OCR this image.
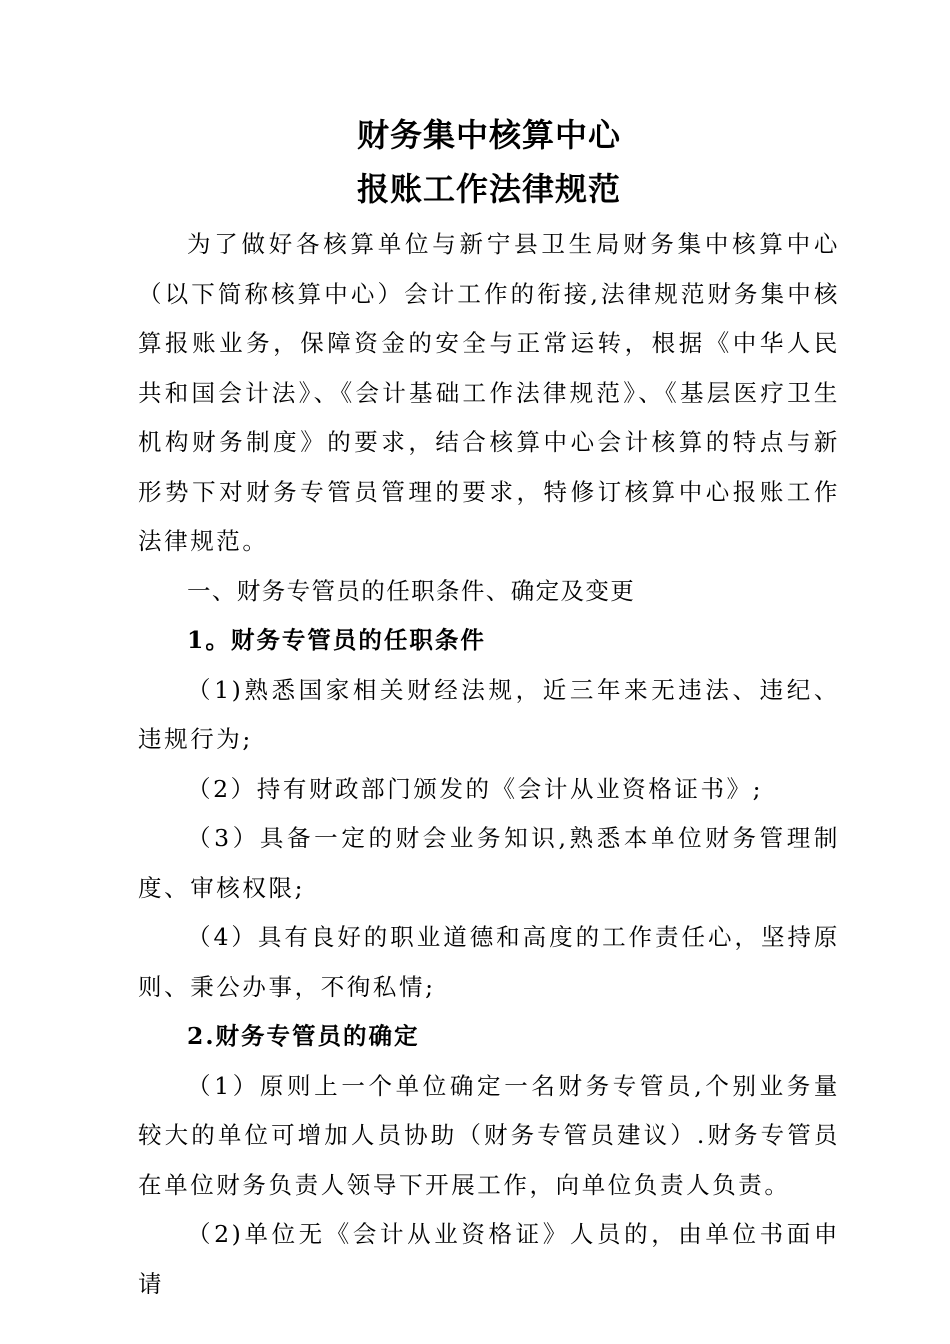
财务集中核算中心
报账工作法律规范

为了做好各核算单位与新宁县卫生局财务集中核算中心（以下简称核算中心）会计工作的衔接,法律规范财务集中核算报账业务，保障资金的安全与正常运转，根据《中华人民共和国会计法》、《会计基础工作法律规范》、《基层医疗卫生机构财务制度》的要求，结合核算中心会计核算的特点与新形势下对财务专管员管理的要求，特修订核算中心报账工作法律规范。

一、财务专管员的任职条件、确定及变更

1。财务专管员的任职条件

（1)熟悉国家相关财经法规，近三年来无违法、违纪、违规行为;

（2）持有财政部门颁发的《会计从业资格证书》;

（3）具备一定的财会业务知识,熟悉本单位财务管理制度、审核权限;

（4）具有良好的职业道德和高度的工作责任心，坚持原则、秉公办事，不徇私情;

2.财务专管员的确定

（1）原则上一个单位确定一名财务专管员,个别业务量较大的单位可增加人员协助（财务专管员建议）.财务专管员在单位财务负责人领导下开展工作，向单位负责人负责。

（2)单位无《会计从业资格证》人员的，由单位书面申请
